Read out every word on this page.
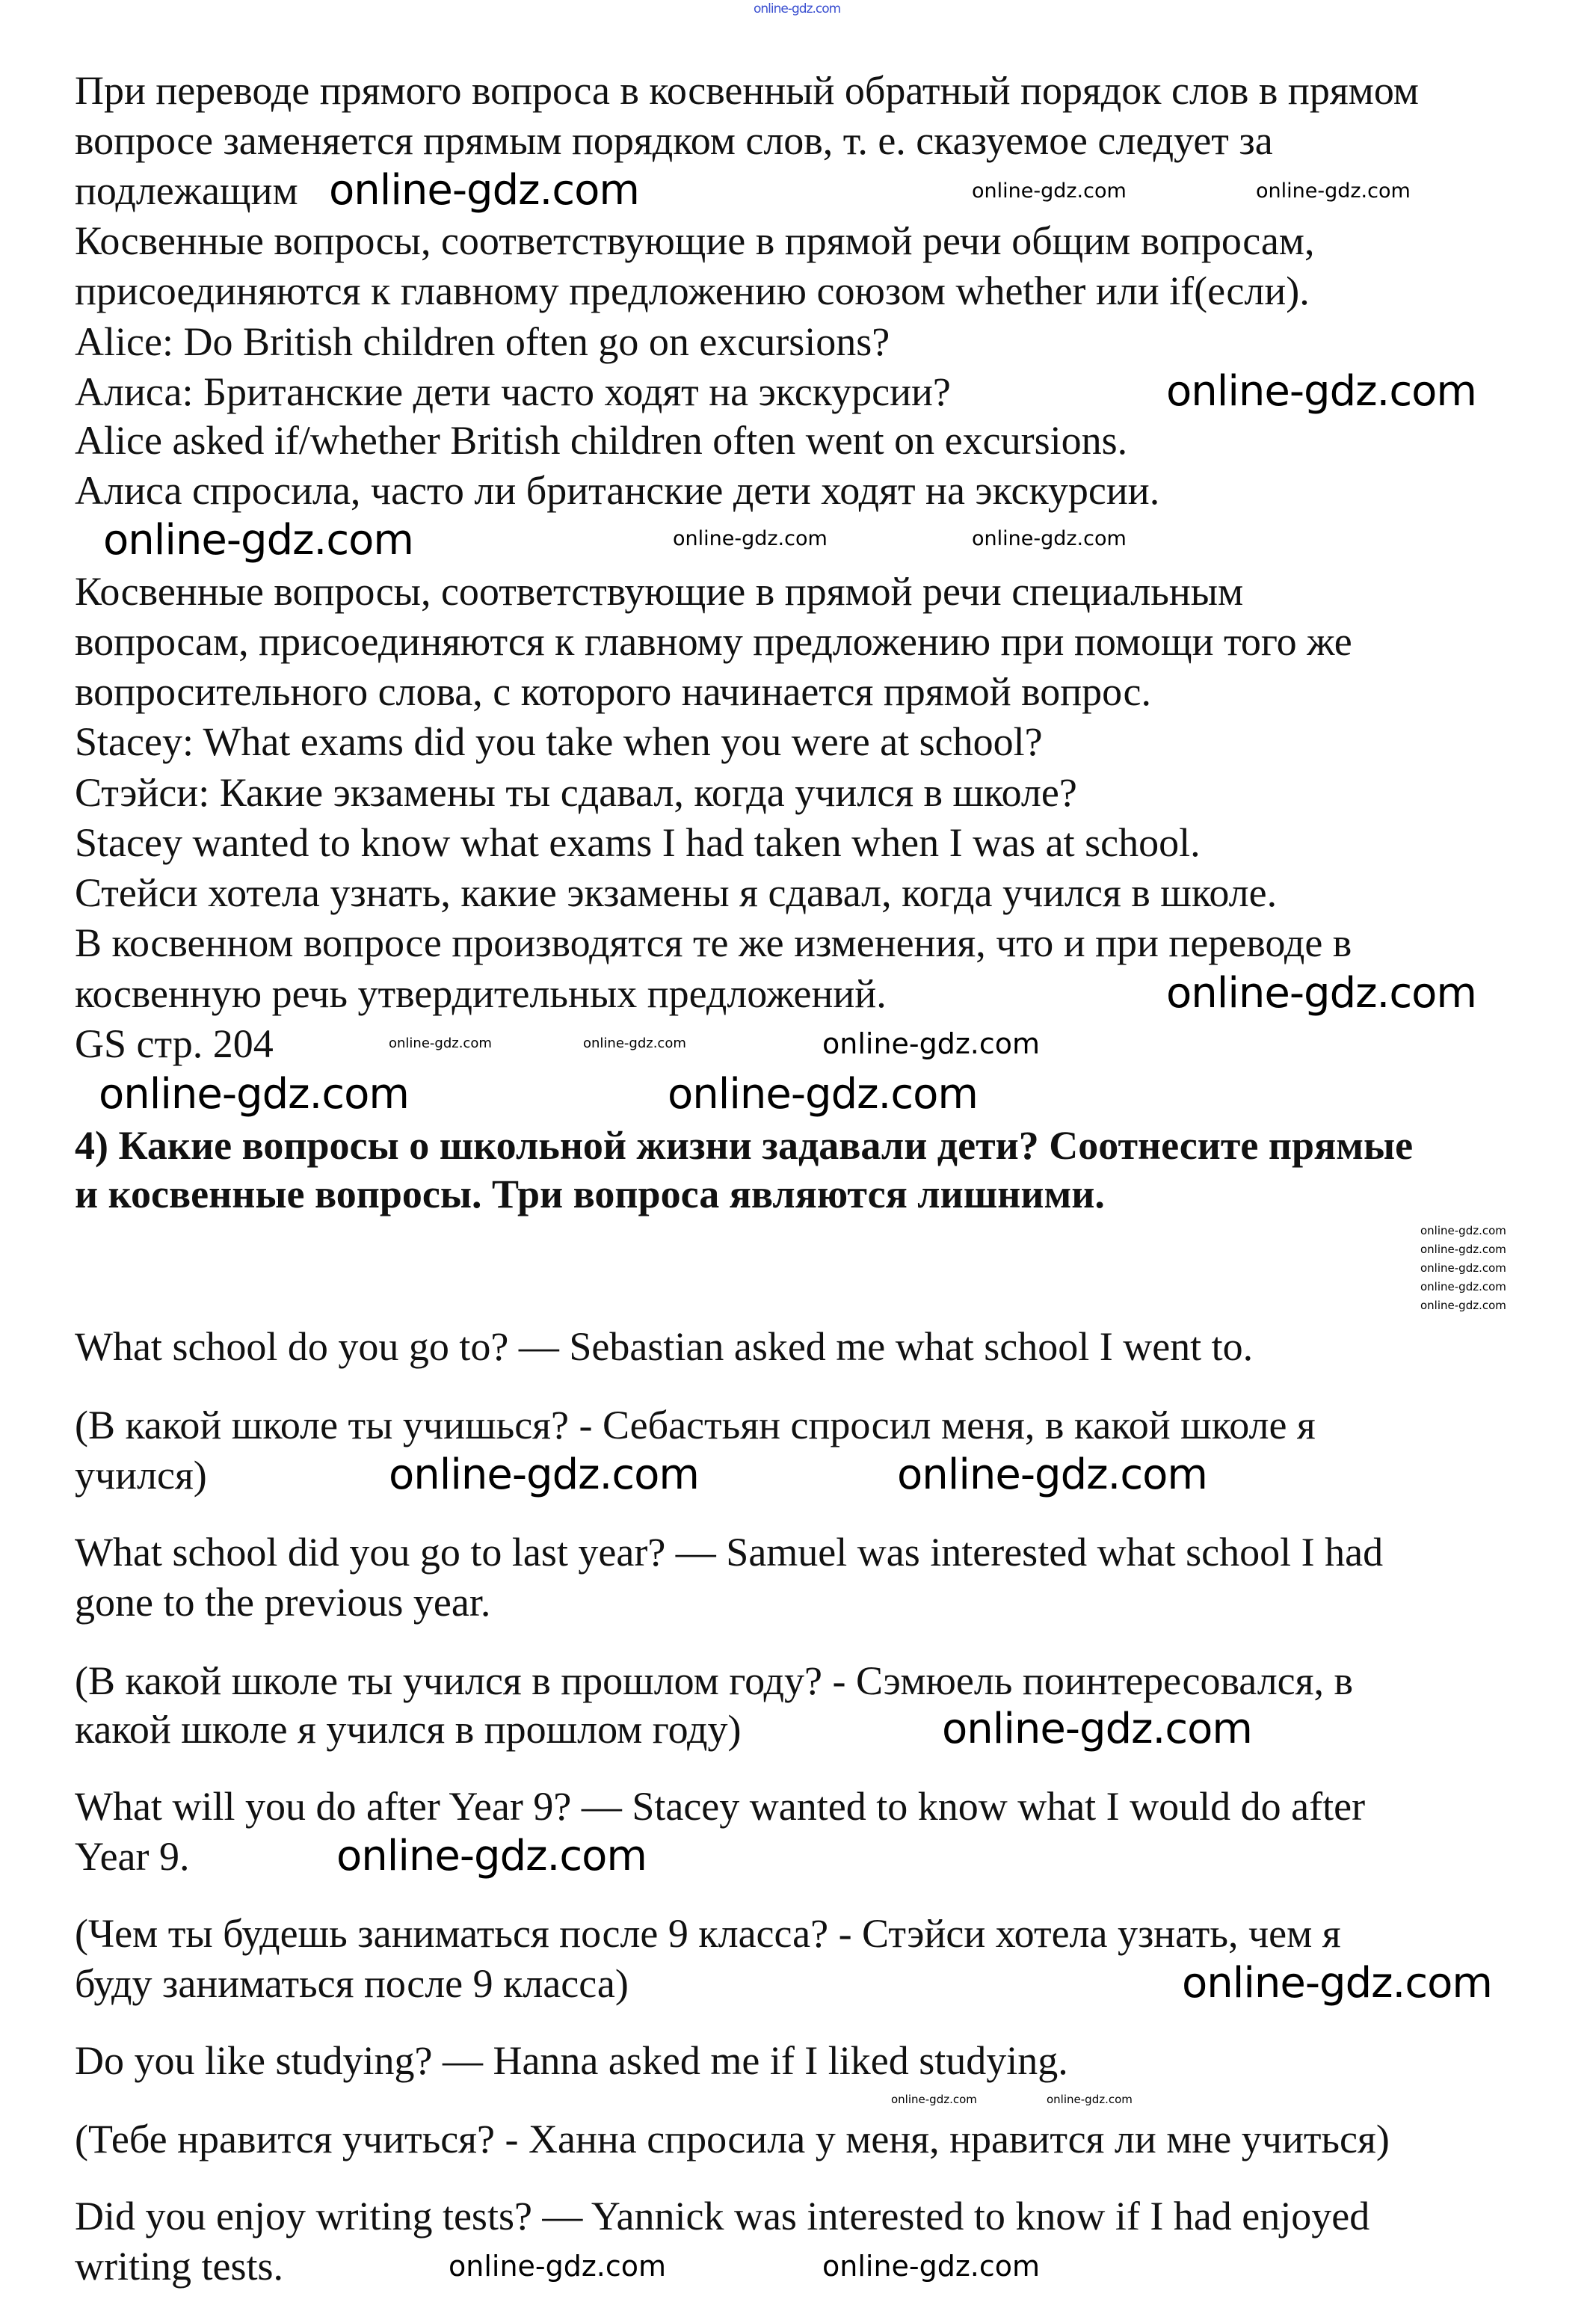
online-gdz.com
При переводе прямого вопроса в косвенный обратный порядок слов в прямом
вопросе заменяется прямым порядком слов, т. е. сказуемое следует за
подлежащим
Косвенные вопросы, соответствующие в прямой речи общим вопросам,
присоединяются к главному предложению союзом whether или if(если).
Alice: Do British children often go on excursions?
Алиса: Британские дети часто ходят на экскурсии?
Alice asked if/whether British children often went on excursions.
Алиса спросила, часто ли британские дети ходят на экскурсии.
Косвенные вопросы, соответствующие в прямой речи специальным
вопросам, присоединяются к главному предложению при помощи того же
вопросительного слова, с которого начинается прямой вопрос.
Stacey: What exams did you take when you were at school?
Стэйси: Какие экзамены ты сдавал, когда учился в школе?
Stacey wanted to know what exams I had taken when I was at school.
Стейси хотела узнать, какие экзамены я сдавал, когда учился в школе.
В косвенном вопросе производятся те же изменения, что и при переводе в
косвенную речь утвердительных предложений.
GS стр. 204
4) Какие вопросы о школьной жизни задавали дети? Соотнесите прямые
и косвенные вопросы. Три вопроса являются лишними.
What school do you go to? — Sebastian asked me what school I went to.
(В какой школе ты учишься? - Себастьян спросил меня, в какой школе я
учился)
What school did you go to last year? — Samuel was interested what school I had
gone to the previous year.
(В какой школе ты учился в прошлом году? - Сэмюель поинтересовался, в
какой школе я учился в прошлом году)
What will you do after Year 9? — Stacey wanted to know what I would do after
Year 9.
(Чем ты будешь заниматься после 9 класса? - Стэйси хотела узнать, чем я
буду заниматься после 9 класса)
Do you like studying? — Hanna asked me if I liked studying.
(Тебе нравится учиться? - Ханна спросила у меня, нравится ли мне учиться)
Did you enjoy writing tests? — Yannick was interested to know if I had enjoyed
writing tests.
online-gdz.com	online-gdz.com	online-gdz.com
online-gdz.com
online-gdz.com	online-gdz.com	online-gdz.com
online-gdz.com
online-gdz.com	online-gdz.com	online-gdz.com
online-gdz.com	online-gdz.com
online-gdz.com
online-gdz.com
online-gdz.com
online-gdz.com
online-gdz.com
online-gdz.com	online-gdz.com
online-gdz.com
online-gdz.com
online-gdz.com
online-gdz.com	online-gdz.com
online-gdz.com	online-gdz.com
